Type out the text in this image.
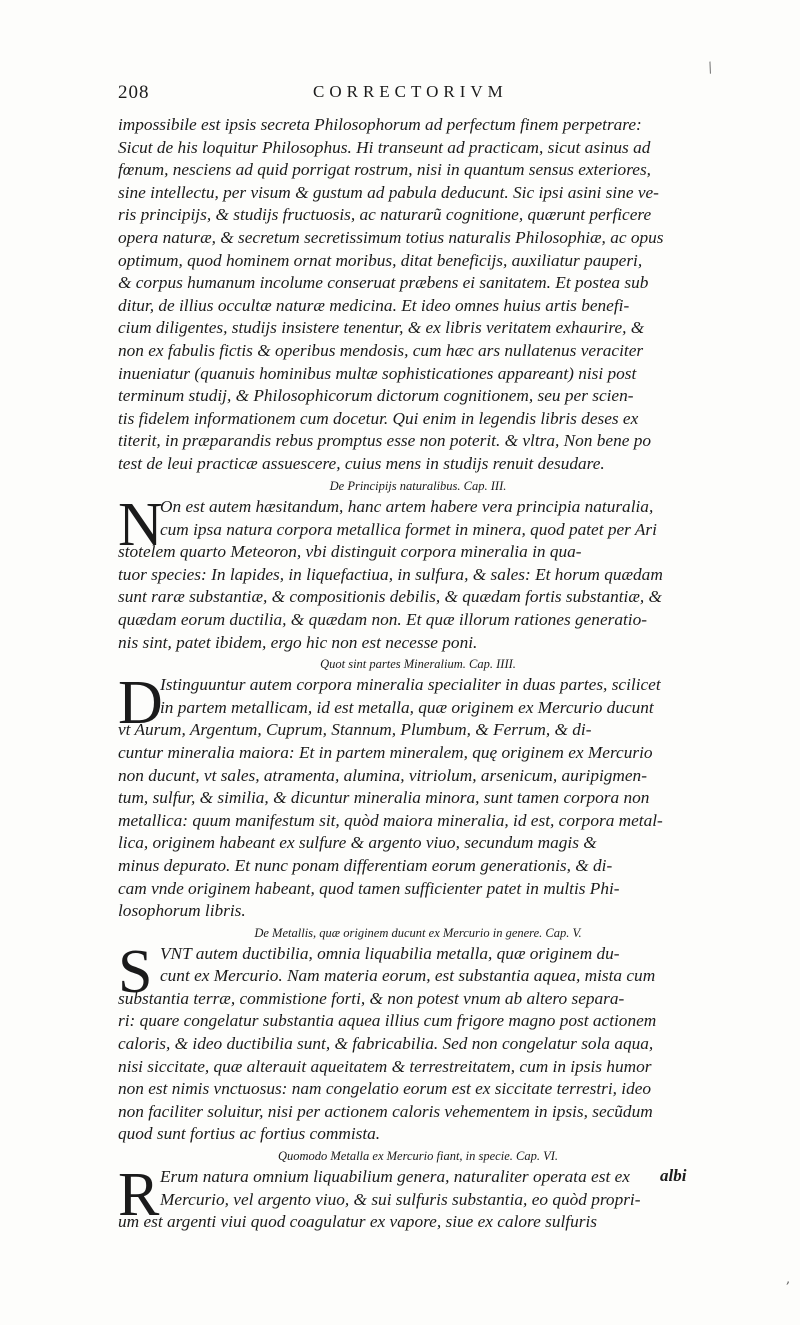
/
208	CORRECTORIVM
impossibile est ipsis secreta Philosophorum ad perfectum finem perpetrare:
Sicut de his loquitur Philosophus. Hi transeunt ad practicam, sicut asinus ad
fœnum, nesciens ad quid porrigat rostrum, nisi in quantum sensus exteriores,
sine intellectu, per visum & gustum ad pabula deducunt. Sic ipsi asini sine ve-
ris principijs, & studijs fructuosis, ac naturarũ cognitione, quærunt perficere
opera naturæ, & secretum secretissimum totius naturalis Philosophiæ, ac opus
optimum, quod hominem ornat moribus, ditat beneficijs, auxiliatur pauperi,
& corpus humanum incolume conseruat præbens ei sanitatem. Et postea sub
ditur, de illius occultæ naturæ medicina. Et ideo omnes huius artis benefi-
cium diligentes, studijs insistere tenentur, & ex libris veritatem exhaurire, &
non ex fabulis fictis & operibus mendosis, cum hæc ars nullatenus veraciter
inueniatur (quanuis hominibus multæ sophisticationes appareant) nisi post
terminum studij, & Philosophicorum dictorum cognitionem, seu per scien-
tis fidelem informationem cum docetur. Qui enim in legendis libris deses ex
titerit, in præparandis rebus promptus esse non poterit. & vltra, Non bene po
test de leui practicæ assuescere, cuius mens in studijs renuit desudare.
De Principijs naturalibus. Cap. III.
N
On est autem hæsitandum, hanc artem habere vera principia naturalia,
cum ipsa natura corpora metallica formet in minera, quod patet per Ari
stotelem quarto Meteoron, vbi distinguit corpora mineralia in qua-
tuor species: In lapides, in liquefactiua, in sulfura, & sales: Et horum quædam
sunt raræ substantiæ, & compositionis debilis, & quædam fortis substantiæ, &
quædam eorum ductilia, & quædam non. Et quæ illorum rationes generatio-
nis sint, patet ibidem, ergo hic non est necesse poni.
Quot sint partes Mineralium. Cap. IIII.
D
Istinguuntur autem corpora mineralia specialiter in duas partes, scilicet
in partem metallicam, id est metalla, quæ originem ex Mercurio ducunt
vt Aurum, Argentum, Cuprum, Stannum, Plumbum, & Ferrum, & di-
cuntur mineralia maiora: Et in partem mineralem, quę originem ex Mercurio
non ducunt, vt sales, atramenta, alumina, vitriolum, arsenicum, auripigmen-
tum, sulfur, & similia, & dicuntur mineralia minora, sunt tamen corpora non
metallica: quum manifestum sit, quòd maiora mineralia, id est, corpora metal-
lica, originem habeant ex sulfure & argento viuo, secundum magis &
minus depurato. Et nunc ponam differentiam eorum generationis, & di-
cam vnde originem habeant, quod tamen sufficienter patet in multis Phi-
losophorum libris.
De Metallis, quæ originem ducunt ex Mercurio in genere. Cap. V.
S VNT autem ductibilia, omnia liquabilia metalla, quæ originem du-
cunt ex Mercurio. Nam materia eorum, est substantia aquea, mista cum
substantia terræ, commistione forti, & non potest vnum ab altero separa-
ri: quare congelatur substantia aquea illius cum frigore magno post actionem
caloris, & ideo ductibilia sunt, & fabricabilia. Sed non congelatur sola aqua,
nisi siccitate, quæ alterauit aqueitatem & terrestreitatem, cum in ipsis humor
non est nimis vnctuosus: nam congelatio eorum est ex siccitate terrestri, ideo
non faciliter soluitur, nisi per actionem caloris vehementem in ipsis, secũdum
quod sunt fortius ac fortius commista.
Quomodo Metalla ex Mercurio fiant, in specie. Cap. VI.
R Erum natura omnium liquabilium genera, naturaliter operata est ex
Mercurio, vel argento viuo, & sui sulfuris substantia, eo quòd propri-
um est argenti viui quod coagulatur ex vapore, siue ex calore sulfuris
albi
,
